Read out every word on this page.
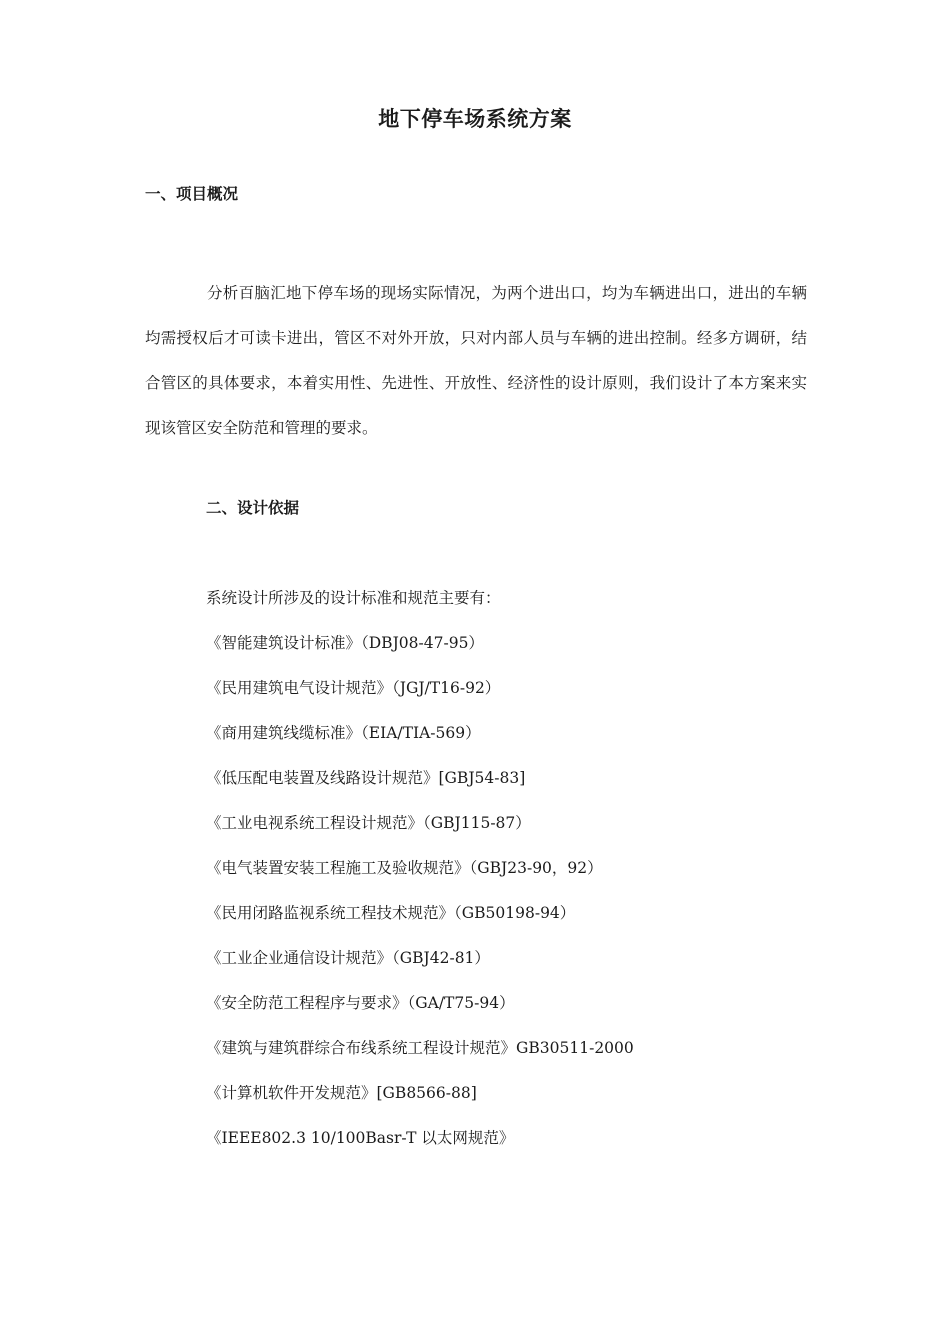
地下停车场系统方案
一、项目概况

分析百脑汇地下停车场的现场实际情况，为两个进出口，均为车辆进出口，进出的车辆均需授权后才可读卡进出，管区不对外开放，只对内部人员与车辆的进出控制。经多方调研，结合管区的具体要求，本着实用性、先进性、开放性、经济性的设计原则，我们设计了本方案来实现该管区安全防范和管理的要求。

二、设计依据

系统设计所涉及的设计标准和规范主要有：

《智能建筑设计标准》（DBJ08-47-95）
《民用建筑电气设计规范》（JGJ/T16-92）
《商用建筑线缆标准》（EIA/TIA-569）
《低压配电装置及线路设计规范》[GBJ54-83]
《工业电视系统工程设计规范》（GBJ115-87）
《电气装置安装工程施工及验收规范》（GBJ23-90，92）
《民用闭路监视系统工程技术规范》（GB50198-94）
《工业企业通信设计规范》（GBJ42-81）
《安全防范工程程序与要求》（GA/T75-94）
《建筑与建筑群综合布线系统工程设计规范》GB30511-2000
《计算机软件开发规范》[GB8566-88]
《IEEE802.3 10/100Basr-T 以太网规范》
